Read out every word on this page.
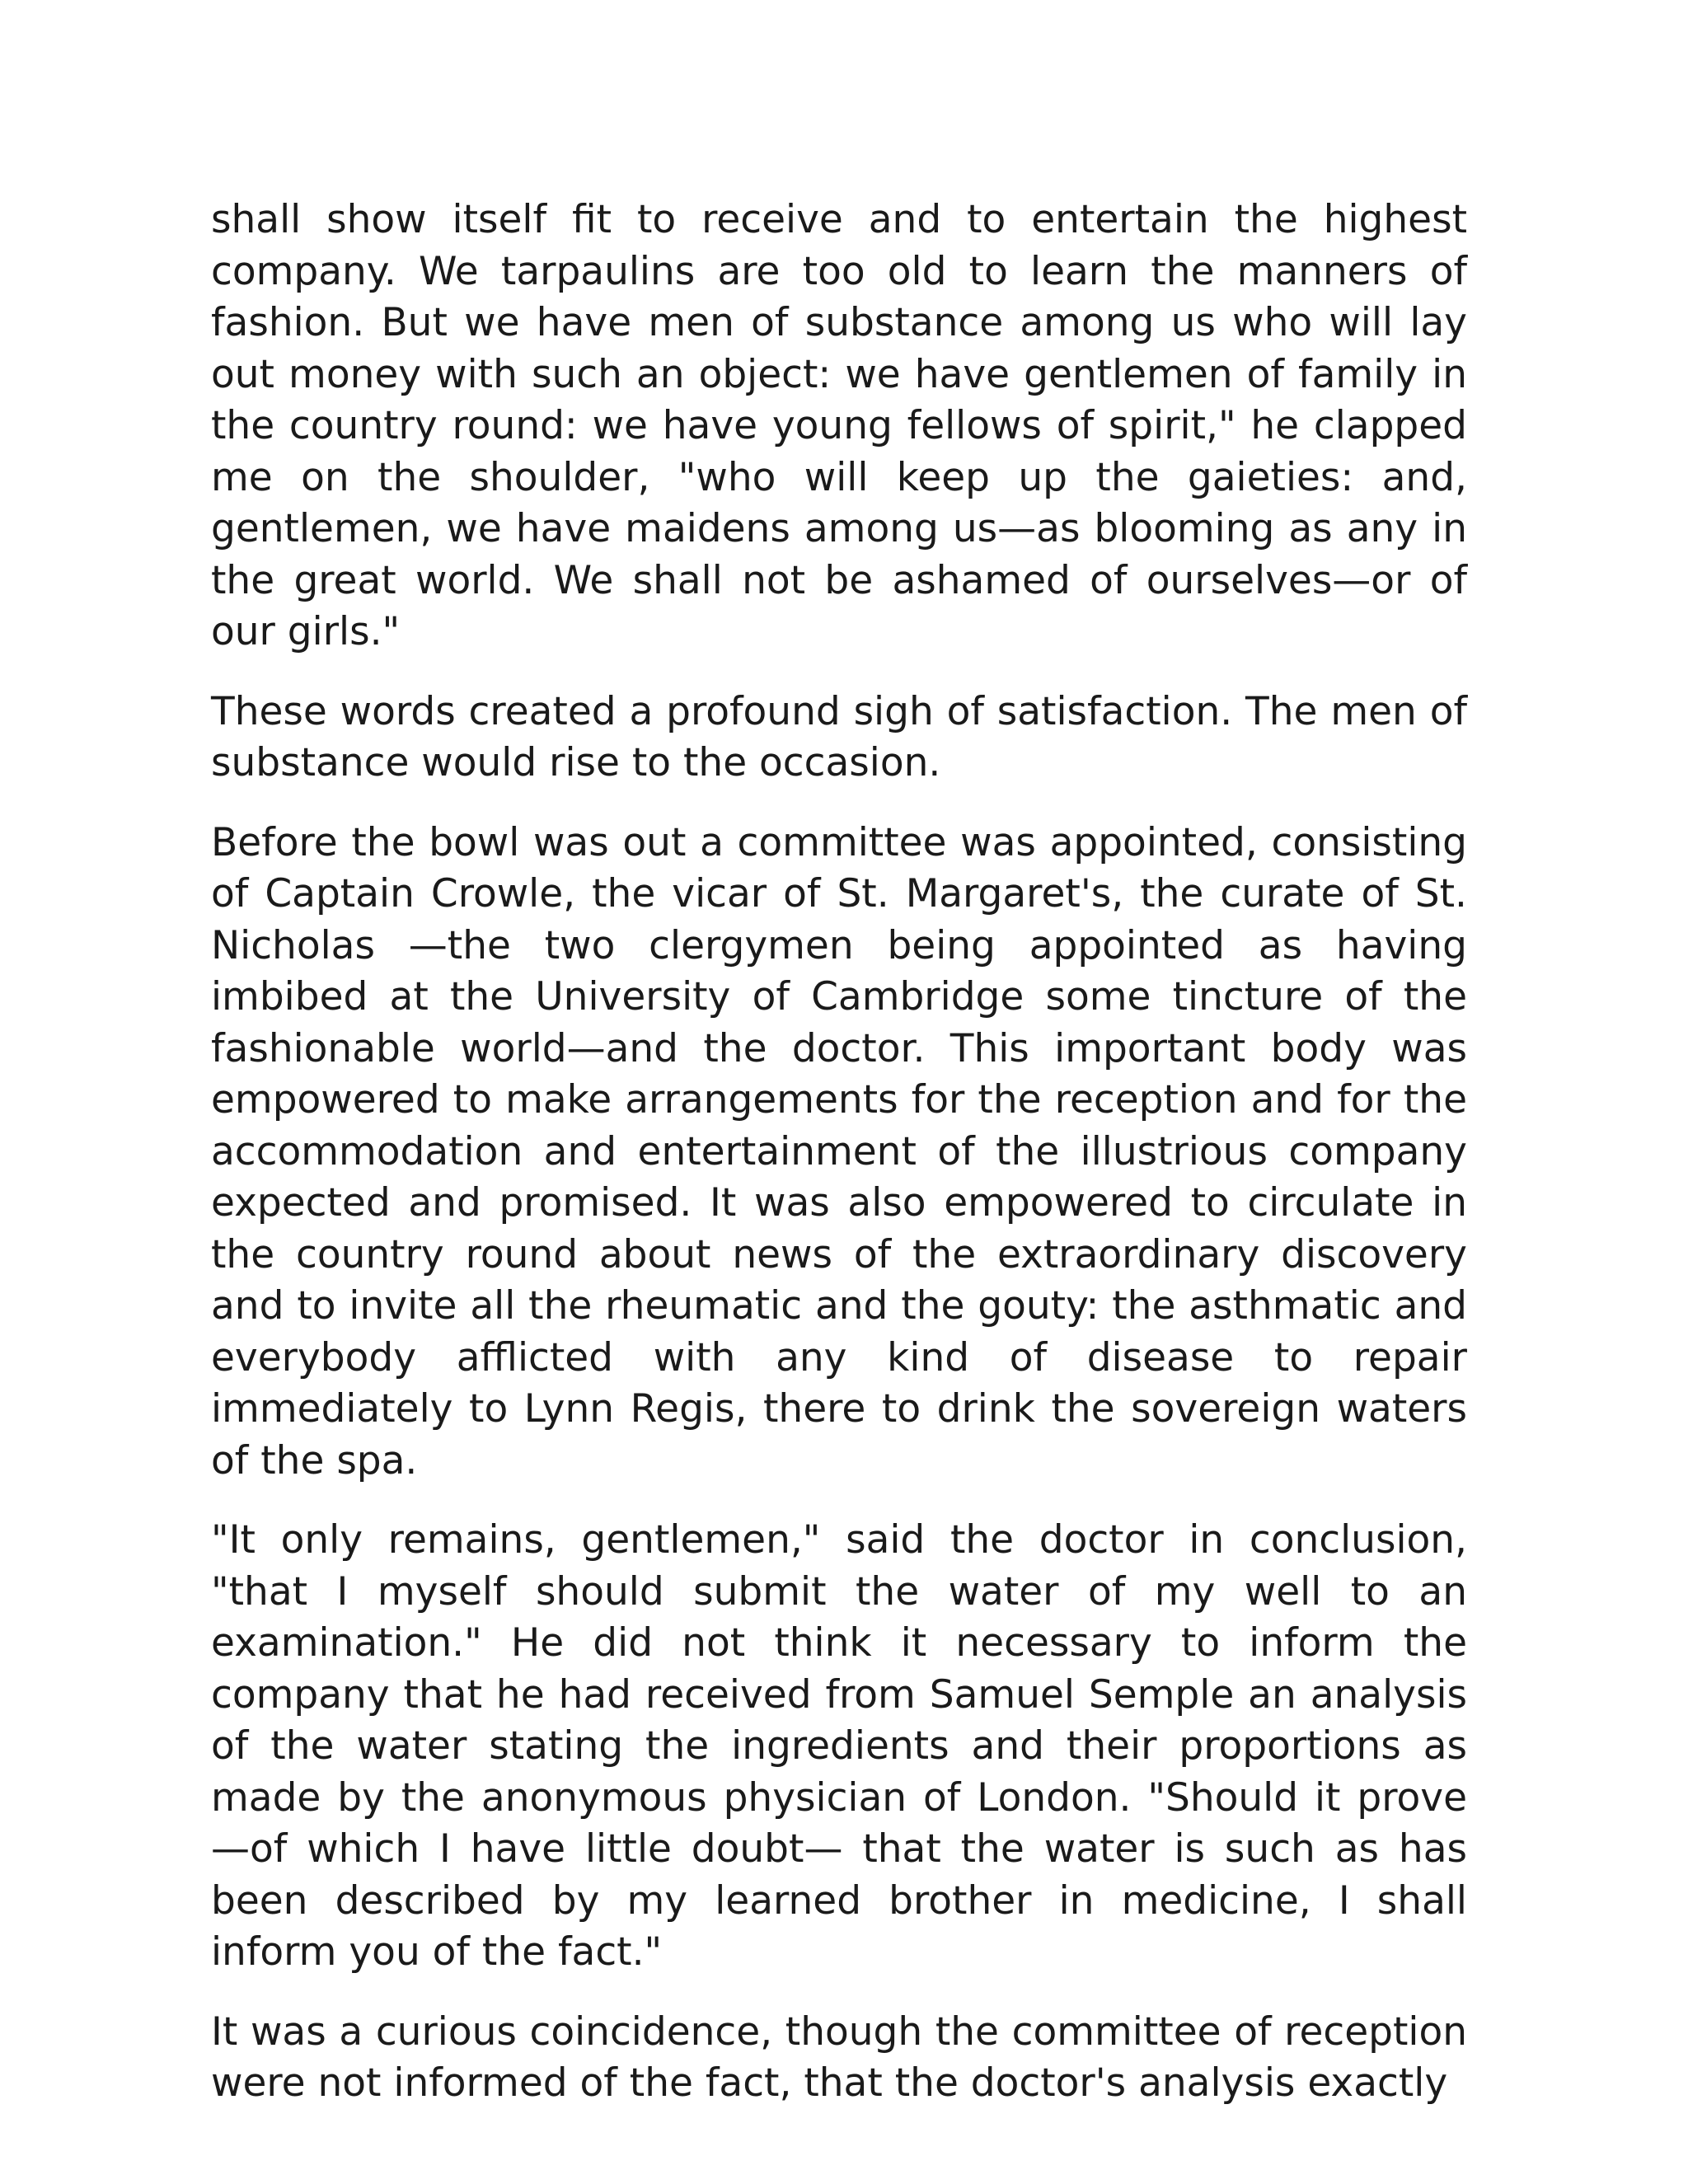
shall show itself fit to receive and to entertain the highest company. We tarpaulins are too old to learn the manners of fashion. But we have men of substance among us who will lay out money with such an object: we have gentlemen of family in the country round: we have young fellows of spirit," he clapped me on the shoulder, "who will keep up the gaieties: and, gentlemen, we have maidens among us—as blooming as any in the great world. We shall not be ashamed of ourselves—or of our girls."

These words created a profound sigh of satisfaction. The men of substance would rise to the occasion.

Before the bowl was out a committee was appointed, consisting of Captain Crowle, the vicar of St. Margaret's, the curate of St. Nicholas —the two clergymen being appointed as having imbibed at the University of Cambridge some tincture of the fashionable world—and the doctor. This important body was empowered to make arrangements for the reception and for the accommodation and entertainment of the illustrious company expected and promised. It was also empowered to circulate in the country round about news of the extraordinary discovery and to invite all the rheumatic and the gouty: the asthmatic and everybody afflicted with any kind of disease to repair immediately to Lynn Regis, there to drink the sovereign waters of the spa.

"It only remains, gentlemen," said the doctor in conclusion, "that I myself should submit the water of my well to an examination." He did not think it necessary to inform the company that he had received from Samuel Semple an analysis of the water stating the ingredients and their proportions as made by the anonymous physician of London. "Should it prove—of which I have little doubt— that the water is such as has been described by my learned brother in medicine, I shall inform you of the fact."

It was a curious coincidence, though the committee of reception were not informed of the fact, that the doctor's analysis exactly
